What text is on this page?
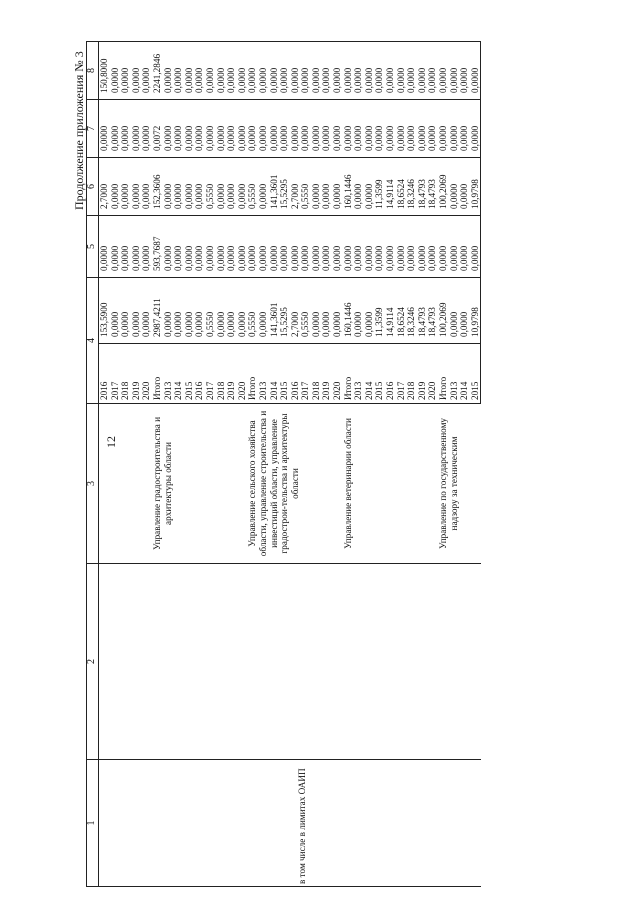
12
Продолжение приложения № 3
1	2	3	4		5	6	7	8

в том числе в лимитах ОАИП			2016	153,5900	0,0000	2,7000	0,0000	150,8000
			2017	0,0000	0,0000	0,0000	0,0000	0,0000
			2018	0,0000	0,0000	0,0000	0,0000	0,0000
			2019	0,0000	0,0000	0,0000	0,0000	0,0000
			2020	0,0000	0,0000	0,0000	0,0000	0,0000
		Управление градостроительства и архитектуры области	Итого	2987,4211	593,7687	152,3606	0,0072	2241,2846
			2013	0,0000	0,0000	0,0000	0,0000	0,0000
			2014	0,0000	0,0000	0,0000	0,0000	0,0000
			2015	0,0000	0,0000	0,0000	0,0000	0,0000
			2016	0,0000	0,0000	0,0000	0,0000	0,0000
			2017	0,5550	0,0000	0,5550	0,0000	0,0000
			2018	0,0000	0,0000	0,0000	0,0000	0,0000
			2019	0,0000	0,0000	0,0000	0,0000	0,0000
			2020	0,0000	0,0000	0,0000	0,0000	0,0000
		Управление сельского хозяйства области, управление строительства и инвестиций области, управление градострои-тельства и архитектуры области	Итого	0,5550	0,0000	0,5550	0,0000	0,0000
			2013	0,0000	0,0000	0,0000	0,0000	0,0000
			2014	141,3601	0,0000	141,3601	0,0000	0,0000
			2015	15,5295	0,0000	15,5295	0,0000	0,0000
			2016	2,7000	0,0000	2,7000	0,0000	0,0000
			2017	0,5550	0,0000	0,5550	0,0000	0,0000
			2018	0,0000	0,0000	0,0000	0,0000	0,0000
			2019	0,0000	0,0000	0,0000	0,0000	0,0000
			2020	0,0000	0,0000	0,0000	0,0000	0,0000
		Управление ветеринарии области	Итого	160,1446	0,0000	160,1446	0,0000	0,0000
			2013	0,0000	0,0000	0,0000	0,0000	0,0000
			2014	0,0000	0,0000	0,0000	0,0000	0,0000
			2015	11,3599	0,0000	11,3599	0,0000	0,0000
			2016	14,9114	0,0000	14,9114	0,0000	0,0000
			2017	18,6524	0,0000	18,6524	0,0000	0,0000
			2018	18,3246	0,0000	18,3246	0,0000	0,0000
			2019	18,4793	0,0000	18,4793	0,0000	0,0000
			2020	18,4793	0,0000	18,4793	0,0000	0,0000
		Управление по государственному надзору за техническим	Итого	100,2069	0,0000	100,2069	0,0000	0,0000
			2013	0,0000	0,0000	0,0000	0,0000	0,0000
			2014	0,0000	0,0000	0,0000	0,0000	0,0000
			2015	10,9798	0,0000	10,9798	0,0000	0,0000
